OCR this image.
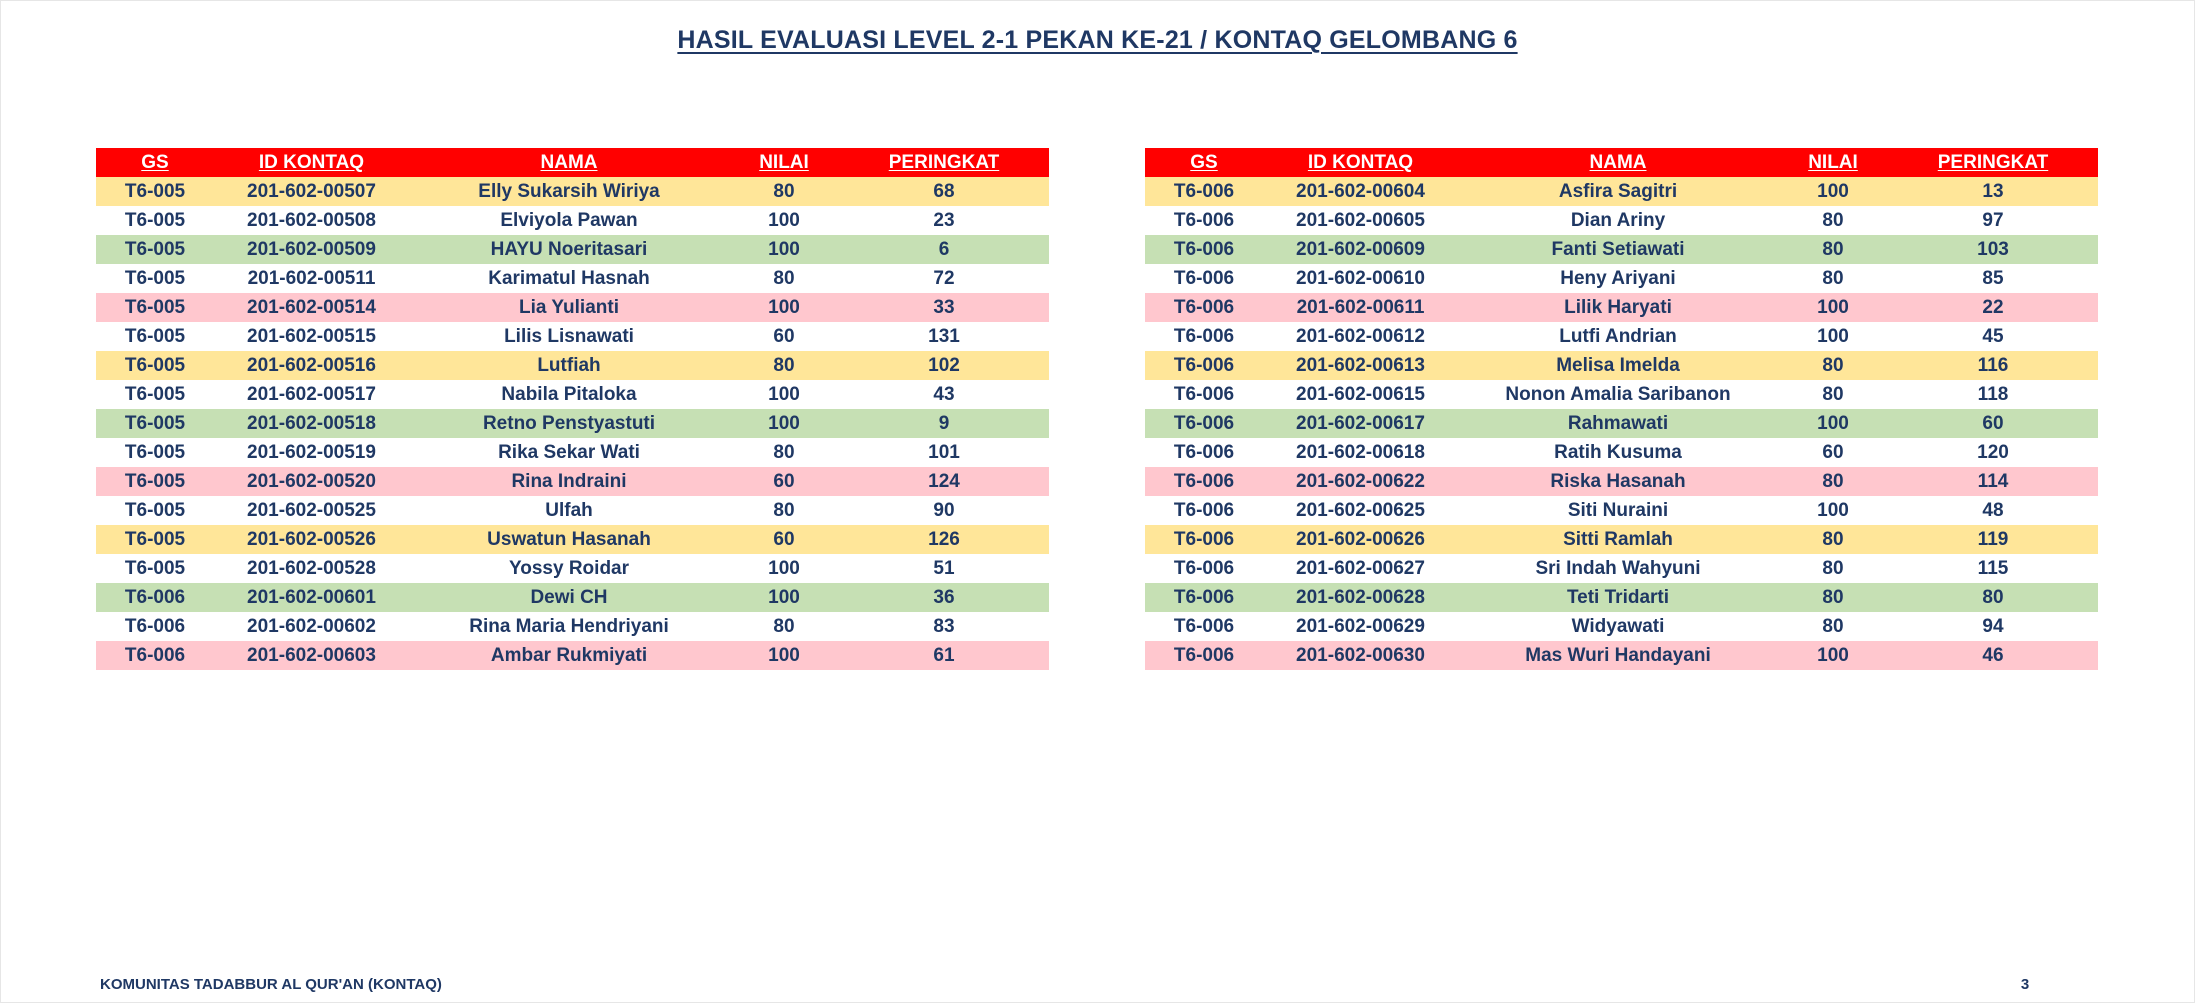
HASIL EVALUASI LEVEL 2-1 PEKAN KE-21 / KONTAQ GELOMBANG 6
GS	ID KONTAQ	NAMA	NILAI	PERINGKAT
T6-005	201-602-00507	Elly Sukarsih Wiriya	80	68
T6-005	201-602-00508	Elviyola Pawan	100	23
T6-005	201-602-00509	HAYU Noeritasari	100	6
T6-005	201-602-00511	Karimatul Hasnah	80	72
T6-005	201-602-00514	Lia Yulianti	100	33
T6-005	201-602-00515	Lilis Lisnawati	60	131
T6-005	201-602-00516	Lutfiah	80	102
T6-005	201-602-00517	Nabila Pitaloka	100	43
T6-005	201-602-00518	Retno Penstyastuti	100	9
T6-005	201-602-00519	Rika Sekar Wati	80	101
T6-005	201-602-00520	Rina Indraini	60	124
T6-005	201-602-00525	Ulfah	80	90
T6-005	201-602-00526	Uswatun Hasanah	60	126
T6-005	201-602-00528	Yossy Roidar	100	51
T6-006	201-602-00601	Dewi CH	100	36
T6-006	201-602-00602	Rina Maria Hendriyani	80	83
T6-006	201-602-00603	Ambar Rukmiyati	100	61
GS	ID KONTAQ	NAMA	NILAI	PERINGKAT
T6-006	201-602-00604	Asfira Sagitri	100	13
T6-006	201-602-00605	Dian Ariny	80	97
T6-006	201-602-00609	Fanti Setiawati	80	103
T6-006	201-602-00610	Heny Ariyani	80	85
T6-006	201-602-00611	Lilik Haryati	100	22
T6-006	201-602-00612	Lutfi Andrian	100	45
T6-006	201-602-00613	Melisa Imelda	80	116
T6-006	201-602-00615	Nonon Amalia Saribanon	80	118
T6-006	201-602-00617	Rahmawati	100	60
T6-006	201-602-00618	Ratih Kusuma	60	120
T6-006	201-602-00622	Riska Hasanah	80	114
T6-006	201-602-00625	Siti Nuraini	100	48
T6-006	201-602-00626	Sitti Ramlah	80	119
T6-006	201-602-00627	Sri Indah Wahyuni	80	115
T6-006	201-602-00628	Teti Tridarti	80	80
T6-006	201-602-00629	Widyawati	80	94
T6-006	201-602-00630	Mas Wuri Handayani	100	46
KOMUNITAS TADABBUR AL QUR'AN (KONTAQ)	3
